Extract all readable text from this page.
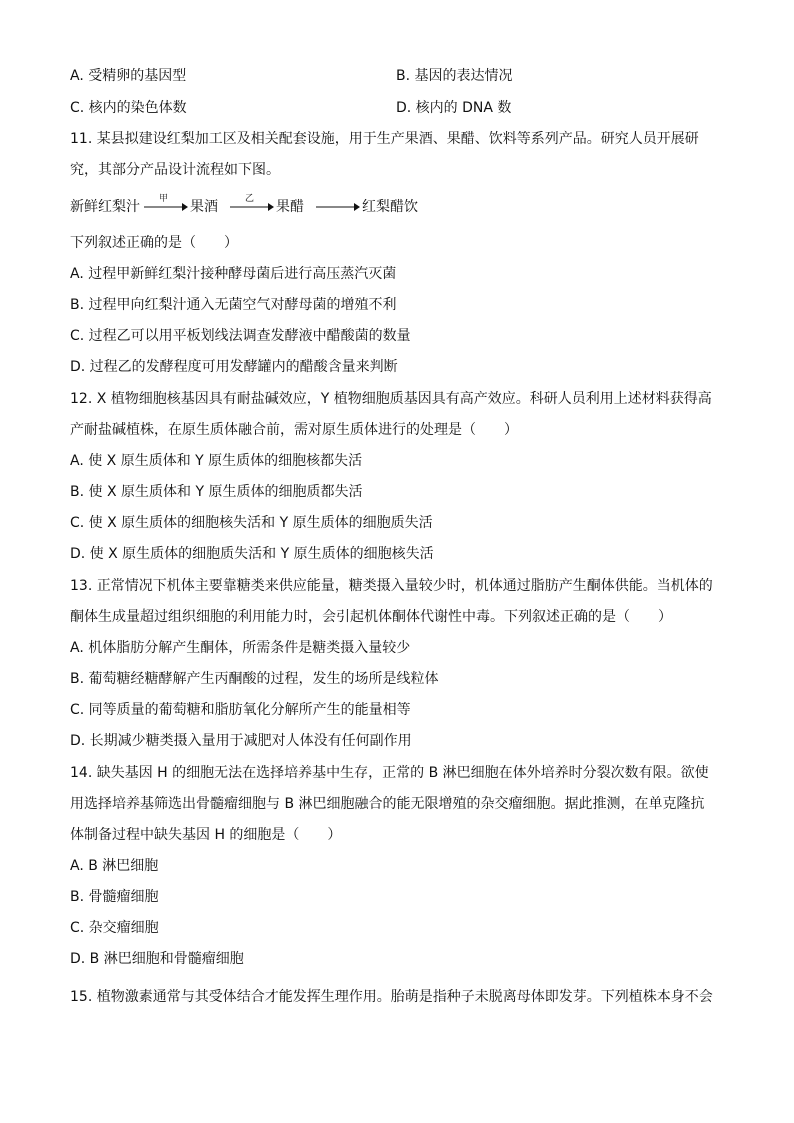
A. 受精卵的基因型	B. 基因的表达情况
C. 核内的染色体数	D. 核内的 DNA 数
11. 某县拟建设红梨加工区及相关配套设施，用于生产果酒、果醋、饮料等系列产品。研究人员开展研
究，其部分产品设计流程如下图。
新鲜红梨汁 甲 果酒	乙 果醋	红梨醋饮
下列叙述正确的是（　　）
A. 过程甲新鲜红梨汁接种酵母菌后进行高压蒸汽灭菌
B. 过程甲向红梨汁通入无菌空气对酵母菌的增殖不利
C. 过程乙可以用平板划线法调查发酵液中醋酸菌的数量
D. 过程乙的发酵程度可用发酵罐内的醋酸含量来判断
12. X 植物细胞核基因具有耐盐碱效应，Y 植物细胞质基因具有高产效应。科研人员利用上述材料获得高
产耐盐碱植株，在原生质体融合前，需对原生质体进行的处理是（　　）
A. 使 X 原生质体和 Y 原生质体的细胞核都失活
B. 使 X 原生质体和 Y 原生质体的细胞质都失活
C. 使 X 原生质体的细胞核失活和 Y 原生质体的细胞质失活
D. 使 X 原生质体的细胞质失活和 Y 原生质体的细胞核失活
13. 正常情况下机体主要靠糖类来供应能量，糖类摄入量较少时，机体通过脂肪产生酮体供能。当机体的
酮体生成量超过组织细胞的利用能力时，会引起机体酮体代谢性中毒。下列叙述正确的是（　　）
A. 机体脂肪分解产生酮体，所需条件是糖类摄入量较少
B. 葡萄糖经糖酵解产生丙酮酸的过程，发生的场所是线粒体
C. 同等质量的葡萄糖和脂肪氧化分解所产生的能量相等
D. 长期减少糖类摄入量用于减肥对人体没有任何副作用
14. 缺失基因 H 的细胞无法在选择培养基中生存，正常的 B 淋巴细胞在体外培养时分裂次数有限。欲使
用选择培养基筛选出骨髓瘤细胞与 B 淋巴细胞融合的能无限增殖的杂交瘤细胞。据此推测，在单克隆抗
体制备过程中缺失基因 H 的细胞是（　　）
A. B 淋巴细胞
B. 骨髓瘤细胞
C. 杂交瘤细胞
D. B 淋巴细胞和骨髓瘤细胞
15. 植物激素通常与其受体结合才能发挥生理作用。胎萌是指种子未脱离母体即发芽。下列植株本身不会
